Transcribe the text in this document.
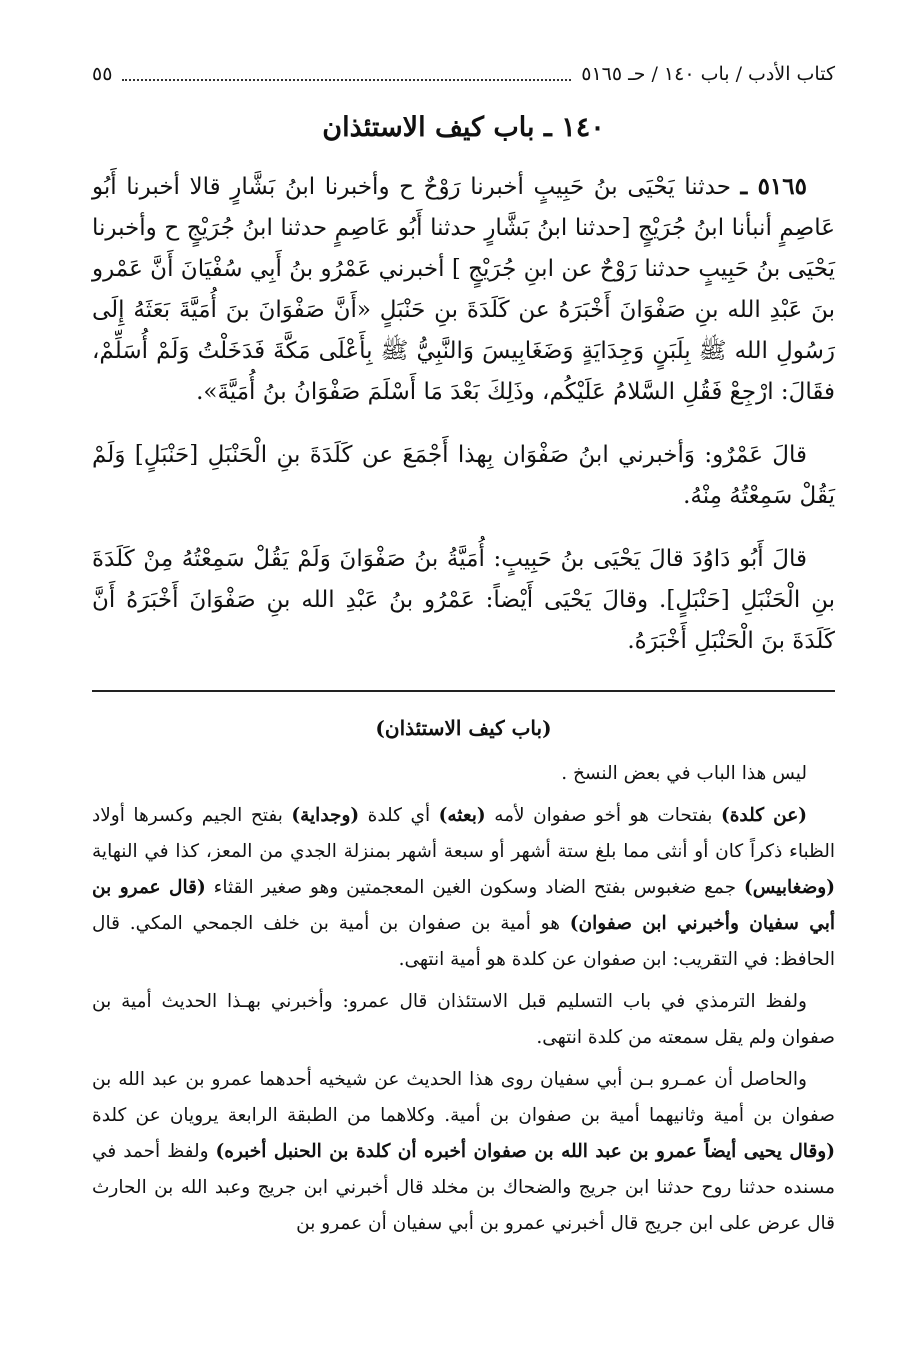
كتاب الأدب / باب ١٤٠ / حـ ٥١٦٥
٥٥
١٤٠ ـ باب كيف الاستئذان

٥١٦٥ ـ حدثنا يَحْيَى بنُ حَبِيبٍ أخبرنا رَوْحٌ ح وأخبرنا ابنُ بَشَّارٍ قالا أخبرنا أَبُو عَاصِمٍ أنبأنا ابنُ جُرَيْجٍ [حدثنا ابنُ بَشَّارٍ حدثنا أَبُو عَاصِمٍ حدثنا ابنُ جُرَيْجٍ ح وأخبرنا يَحْيَى بنُ حَبِيبٍ حدثنا رَوْحٌ عن ابنِ جُرَيْجٍ ] أخبرني عَمْرُو بنُ أَبِي سُفْيَانَ أَنَّ عَمْرو بنَ عَبْدِ الله بنِ صَفْوَانَ أَخْبَرَهُ عن كَلَدَةَ بنِ حَنْبَلٍ «أَنَّ صَفْوَانَ بنَ أُمَيَّةَ بَعَثَهُ إِلَى رَسُولِ الله ﷺ بِلَبَنٍ وَجِدَايَةٍ وَضَغَابِيسَ وَالنَّبِيُّ ﷺ بِأَعْلَى مَكَّةَ فَدَخَلْتُ وَلَمْ أُسَلِّمْ، فقَالَ: ارْجِعْ فَقُلِ السَّلامُ عَلَيْكُم، وذَلِكَ بَعْدَ مَا أَسْلَمَ صَفْوَانُ بنُ أُمَيَّةَ».

قالَ عَمْرٌو: وَأخبرني ابنُ صَفْوَان بِهذا أَجْمَعَ عن كَلَدَةَ بنِ الْحَنْبَلِ [حَنْبَلٍ] وَلَمْ يَقُلْ سَمِعْتُهُ مِنْهُ.

قالَ أَبُو دَاوُدَ قالَ يَحْيَى بنُ حَبِيبٍ: أُمَيَّةُ بنُ صَفْوَانَ وَلَمْ يَقُلْ سَمِعْتُهُ مِنْ كَلَدَةَ بنِ الْحَنْبَلِ [حَنْبَلٍ]. وقالَ يَحْيَى أَيْضاً: عَمْرُو بنُ عَبْدِ الله بنِ صَفْوَانَ أَخْبَرَهُ أَنَّ كَلَدَةَ بنَ الْحَنْبَلِ أَخْبَرَهُ.

(باب كيف الاستئذان)

ليس هذا الباب في بعض النسخ .

(عن كلدة) بفتحات هو أخو صفوان لأمه (بعثه) أي كلدة (وجداية) بفتح الجيم وكسرها أولاد الظباء ذكراً كان أو أنثى مما بلغ ستة أشهر أو سبعة أشهر بمنزلة الجدي من المعز، كذا في النهاية (وضغابيس) جمع ضغبوس بفتح الضاد وسكون الغين المعجمتين وهو صغير القثاء (قال عمرو بن أبي سفيان وأخبرني ابن صفوان) هو أمية بن صفوان بن أمية بن خلف الجمحي المكي. قال الحافظ: في التقريب: ابن صفوان عن كلدة هو أمية انتهى.

ولفظ الترمذي في باب التسليم قبل الاستئذان قال عمرو: وأخبرني بهـذا الحديث أمية بن صفوان ولم يقل سمعته من كلدة انتهى.

والحاصل أن عمـرو بـن أبي سفيان روى هذا الحديث عن شيخيه أحدهما عمرو بن عبد الله بن صفوان بن أمية وثانيهما أمية بن صفوان بن أمية. وكلاهما من الطبقة الرابعة يرويان عن كلدة (وقال يحيى أيضاً عمرو بن عبد الله بن صفوان أخبره أن كلدة بن الحنبل أخبره) ولفظ أحمد في مسنده حدثنا روح حدثنا ابن جريج والضحاك بن مخلد قال أخبرني ابن جريج وعبد الله بن الحارث قال عرض على ابن جريج قال أخبرني عمرو بن أبي سفيان أن عمرو بن
